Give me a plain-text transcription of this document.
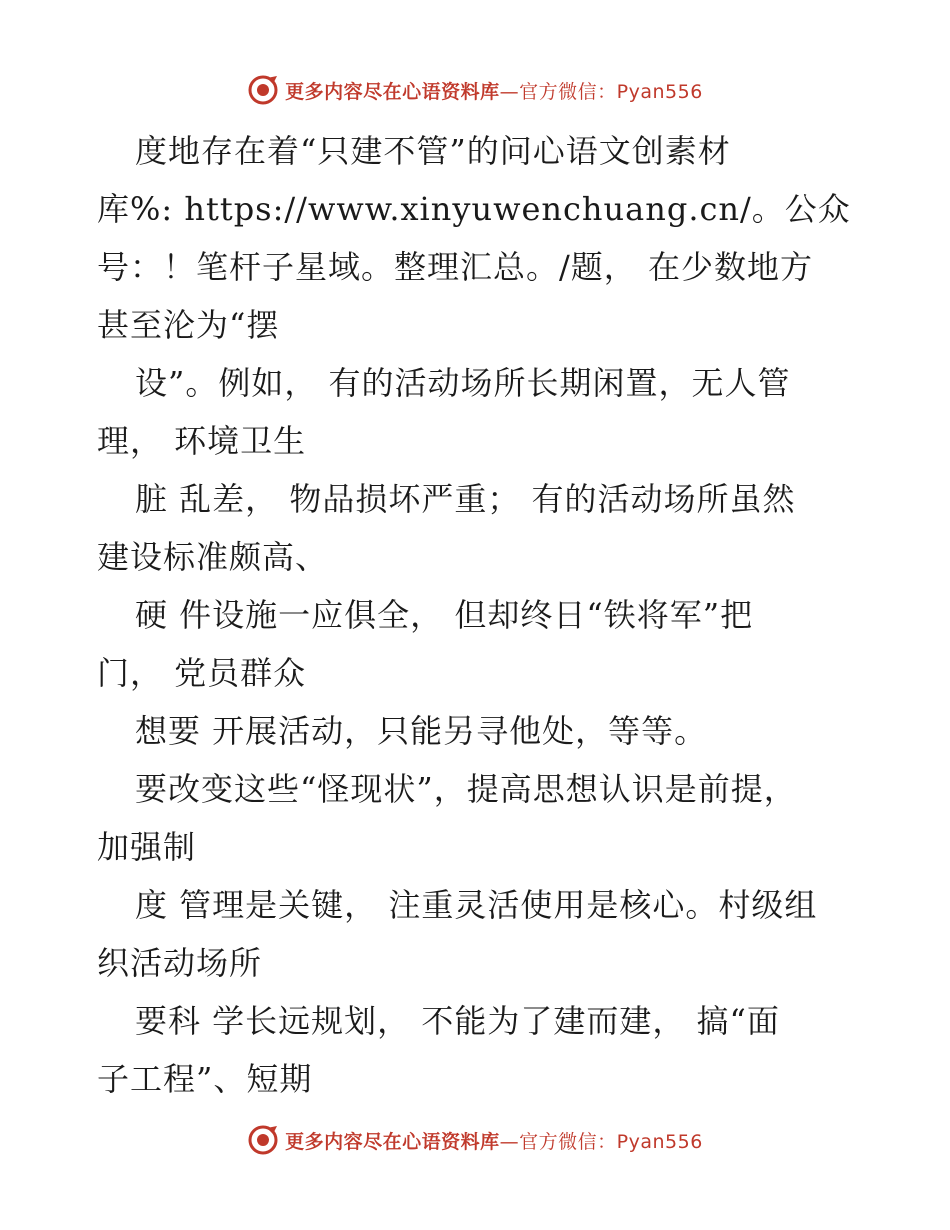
更多内容尽在心语资料库—官方微信：Pyan556
度地存在着“只建不管”的问心语文创素材
库%: https://www.xinyuwenchuang.cn/。公众
号：！笔杆子星域。整理汇总。/题， 在少数地方
甚至沦为“摆
设”。例如， 有的活动场所长期闲置，无人管
理， 环境卫生
脏 乱差， 物品损坏严重； 有的活动场所虽然
建设标准颇高、
硬 件设施一应俱全， 但却终日“铁将军”把
门， 党员群众
想要 开展活动，只能另寻他处，等等。
要改变这些“怪现状”，提高思想认识是前提，
加强制
度 管理是关键， 注重灵活使用是核心。村级组
织活动场所
要科 学长远规划， 不能为了建而建， 搞“面
子工程”、短期
更多内容尽在心语资料库—官方微信：Pyan556
